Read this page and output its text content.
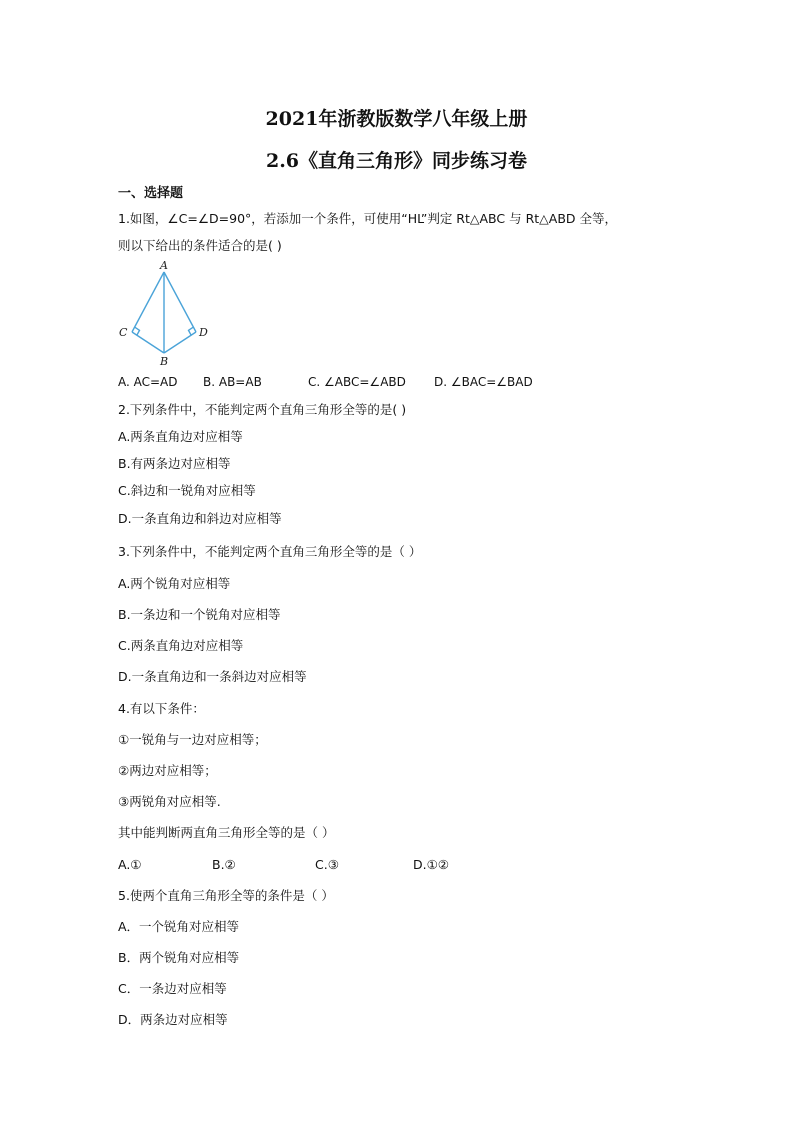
2021年浙教版数学八年级上册
2.6《直角三角形》同步练习卷
一、选择题
1.如图，∠C=∠D=90°，若添加一个条件，可使用“HL”判定 Rt△ABC 与 Rt△ABD 全等，
则以下给出的条件适合的是( )
A
C	D
B
A. AC=AD B. AB=AB	C. ∠ABC=∠ABD D. ∠BAC=∠BAD
2.下列条件中，不能判定两个直角三角形全等的是( )
A.两条直角边对应相等
B.有两条边对应相等
C.斜边和一锐角对应相等
D.一条直角边和斜边对应相等
3.下列条件中，不能判定两个直角三角形全等的是（ ）
A.两个锐角对应相等
B.一条边和一个锐角对应相等
C.两条直角边对应相等
D.一条直角边和一条斜边对应相等
4.有以下条件：
①一锐角与一边对应相等；
②两边对应相等；
③两锐角对应相等.
其中能判断两直角三角形全等的是（ ）
A.①	B.②	C.③	D.①②
5.使两个直角三角形全等的条件是（ ）
A．一个锐角对应相等
B．两个锐角对应相等
C．一条边对应相等
D．两条边对应相等
